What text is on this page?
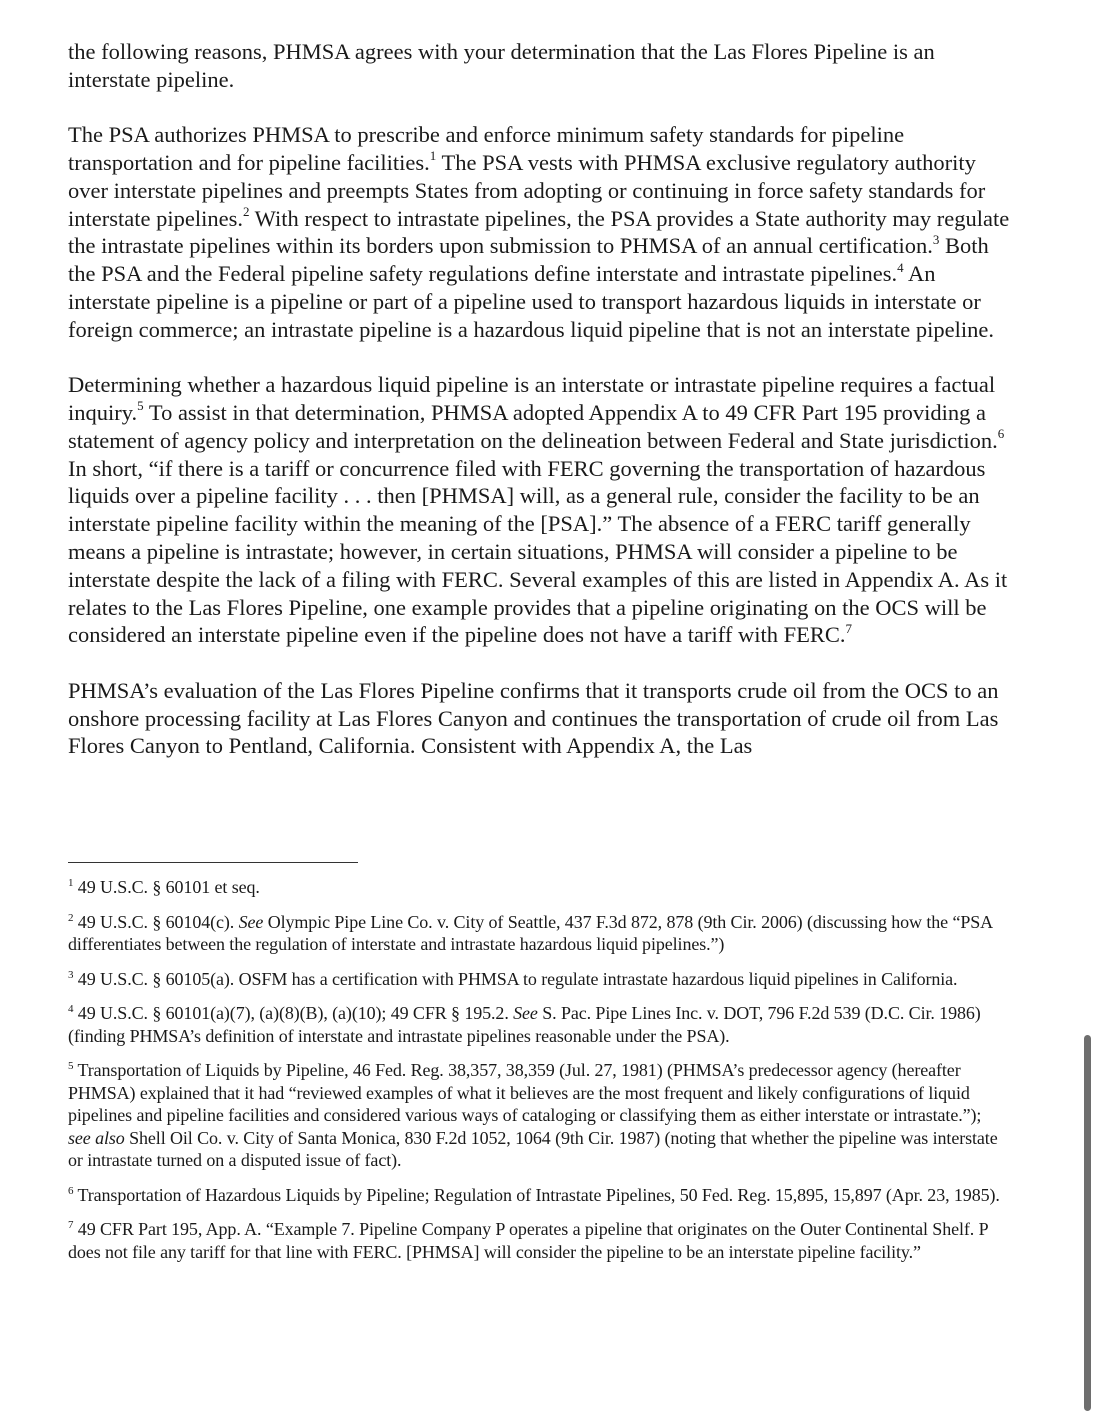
the following reasons, PHMSA agrees with your determination that the Las Flores Pipeline is an interstate pipeline.

The PSA authorizes PHMSA to prescribe and enforce minimum safety standards for pipeline transportation and for pipeline facilities.$^1$ The PSA vests with PHMSA exclusive regulatory authority over interstate pipelines and preempts States from adopting or continuing in force safety standards for interstate pipelines.$^2$ With respect to intrastate pipelines, the PSA provides a State authority may regulate the intrastate pipelines within its borders upon submission to PHMSA of an annual certification.$^3$ Both the PSA and the Federal pipeline safety regulations define interstate and intrastate pipelines.$^4$ An interstate pipeline is a pipeline or part of a pipeline used to transport hazardous liquids in interstate or foreign commerce; an intrastate pipeline is a hazardous liquid pipeline that is not an interstate pipeline.

Determining whether a hazardous liquid pipeline is an interstate or intrastate pipeline requires a factual inquiry.$^5$ To assist in that determination, PHMSA adopted Appendix A to 49 CFR Part 195 providing a statement of agency policy and interpretation on the delineation between Federal and State jurisdiction.$^6$ In short, “if there is a tariff or concurrence filed with FERC governing the transportation of hazardous liquids over a pipeline facility . . . then [PHMSA] will, as a general rule, consider the facility to be an interstate pipeline facility within the meaning of the [PSA].” The absence of a FERC tariff generally means a pipeline is intrastate; however, in certain situations, PHMSA will consider a pipeline to be interstate despite the lack of a filing with FERC. Several examples of this are listed in Appendix A. As it relates to the Las Flores Pipeline, one example provides that a pipeline originating on the OCS will be considered an interstate pipeline even if the pipeline does not have a tariff with FERC.$^7$

PHMSA’s evaluation of the Las Flores Pipeline confirms that it transports crude oil from the OCS to an onshore processing facility at Las Flores Canyon and continues the transportation of crude oil from Las Flores Canyon to Pentland, California. Consistent with Appendix A, the Las

$^1$ 49 U.S.C. § 60101 et seq.

$^2$ 49 U.S.C. § 60104(c). See Olympic Pipe Line Co. v. City of Seattle, 437 F.3d 872, 878 (9th Cir. 2006) (discussing how the “PSA differentiates between the regulation of interstate and intrastate hazardous liquid pipelines.”)

$^3$ 49 U.S.C. § 60105(a). OSFM has a certification with PHMSA to regulate intrastate hazardous liquid pipelines in California.

$^4$ 49 U.S.C. § 60101(a)(7), (a)(8)(B), (a)(10); 49 CFR § 195.2. See S. Pac. Pipe Lines Inc. v. DOT, 796 F.2d 539 (D.C. Cir. 1986) (finding PHMSA’s definition of interstate and intrastate pipelines reasonable under the PSA).

$^5$ Transportation of Liquids by Pipeline, 46 Fed. Reg. 38,357, 38,359 (Jul. 27, 1981) (PHMSA’s predecessor agency (hereafter PHMSA) explained that it had “reviewed examples of what it believes are the most frequent and likely configurations of liquid pipelines and pipeline facilities and considered various ways of cataloging or classifying them as either interstate or intrastate.”); see also Shell Oil Co. v. City of Santa Monica, 830 F.2d 1052, 1064 (9th Cir. 1987) (noting that whether the pipeline was interstate or intrastate turned on a disputed issue of fact).

$^6$ Transportation of Hazardous Liquids by Pipeline; Regulation of Intrastate Pipelines, 50 Fed. Reg. 15,895, 15,897 (Apr. 23, 1985).

$^7$ 49 CFR Part 195, App. A. “Example 7. Pipeline Company P operates a pipeline that originates on the Outer Continental Shelf. P does not file any tariff for that line with FERC. [PHMSA] will consider the pipeline to be an interstate pipeline facility.”
